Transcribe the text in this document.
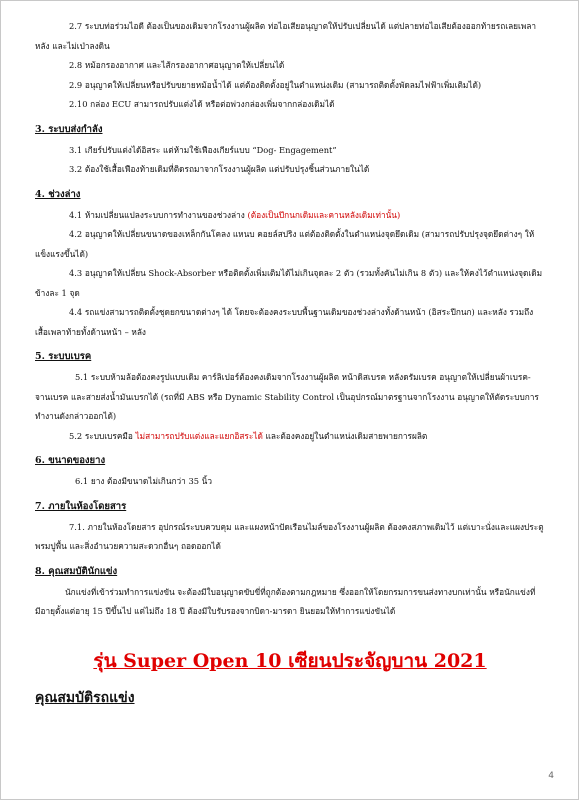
2.7 ระบบท่อร่วมไอดี ต้องเป็นของเดิมจากโรงงานผู้ผลิต ท่อไอเสียอนุญาตให้ปรับเปลี่ยนได้ แต่ปลายท่อไอเสียต้องออกท้ายรถเลยเพลาหลัง และไม่เป่าลงดิน

2.8 หม้อกรองอากาศ และไส้กรองอากาศอนุญาตให้เปลี่ยนได้

2.9 อนุญาตให้เปลี่ยนหรือปรับขยายหม้อน้ำได้ แต่ต้องติดตั้งอยู่ในตำแหน่งเดิม (สามารถติดตั้งพัดลมไฟฟ้าเพิ่มเติมได้)

2.10 กล่อง ECU สามารถปรับแต่งได้ หรือต่อพ่วงกล่องเพิ่มจากกล่องเดิมได้

3. ระบบส่งกำลัง

3.1 เกียร์ปรับแต่งได้อิสระ แต่ห้ามใช้เฟืองเกียร์แบบ “Dog- Engagement”

3.2 ต้องใช้เสื้อเฟืองท้ายเดิมที่ติดรถมาจากโรงงานผู้ผลิต แต่ปรับปรุงชิ้นส่วนภายในได้

4. ช่วงล่าง

4.1 ห้ามเปลี่ยนแปลงระบบการทำงานของช่วงล่าง (ต้องเป็นปีกนกเดิมและคานหลังเดิมเท่านั้น)

4.2 อนุญาตให้เปลี่ยนขนาดของเหล็กกันโคลง แหนบ คอยล์สปริง แต่ต้องติดตั้งในตำแหน่งจุดยึดเดิม (สามารถปรับปรุงจุดยึดต่างๆ ให้แข็งแรงขึ้นได้)

4.3 อนุญาตให้เปลี่ยน Shock-Absorber หรือติดตั้งเพิ่มเติมได้ไม่เกินจุดละ 2 ตัว (รวมทั้งคันไม่เกิน 8 ตัว) และให้คงไว้ตำแหน่งจุดเดิมข้างละ 1 จุด

4.4 รถแข่งสามารถติดตั้งชุดยกขนาดต่างๆ ได้ โดยจะต้องคงระบบพื้นฐานเดิมของช่วงล่างทั้งด้านหน้า (อิสระปีกนก) และหลัง รวมถึงเสื้อเพลาท้ายทั้งด้านหน้า – หลัง

5. ระบบเบรค

5.1 ระบบห้ามล้อต้องคงรูปแบบเดิม คาร์ลิเปอร์ต้องคงเดิมจากโรงงานผู้ผลิต หน้าดิสเบรค หลังดรัมเบรค อนุญาตให้เปลี่ยนผ้าเบรค-จานเบรค และสายส่งน้ำมันเบรกได้ (รถที่มี ABS หรือ Dynamic Stability Control เป็นอุปกรณ์มาตรฐานจากโรงงาน อนุญาตให้ตัดระบบการทำงานดังกล่าวออกได้)

5.2 ระบบเบรคมือ ไม่สามารถปรับแต่งและแยกอิสระได้ และต้องคงอยู่ในตำแหน่งเดิมสายพายการผลิต

6. ขนาดของยาง

6.1 ยาง ต้องมีขนาดไม่เกินกว่า 35 นิ้ว

7. ภายในห้องโดยสาร

7.1. ภายในห้องโดยสาร อุปกรณ์ระบบควบคุม และแผงหน้าปัดเรือนไมล์ของโรงงานผู้ผลิต ต้องคงสภาพเดิมไว้ แต่เบาะนั่งและแผงประตู พรมปูพื้น และสิ่งอำนวยความสะดวกอื่นๆ ถอดออกได้

8. คุณสมบัตินักแข่ง

นักแข่งที่เข้าร่วมทำการแข่งขัน จะต้องมีใบอนุญาตขับขี่ที่ถูกต้องตามกฎหมาย ซึ่งออกให้โดยกรมการขนส่งทางบกเท่านั้น หรือนักแข่งที่มีอายุตั้งแต่อายุ 15 ปีขึ้นไป แต่ไม่ถึง 18 ปี ต้องมีใบรับรองจากบิดา-มารดา ยินยอมให้ทำการแข่งขันได้

รุ่น Super Open 10 เซียนประจัญบาน 2021
คุณสมบัติรถแข่ง
4
